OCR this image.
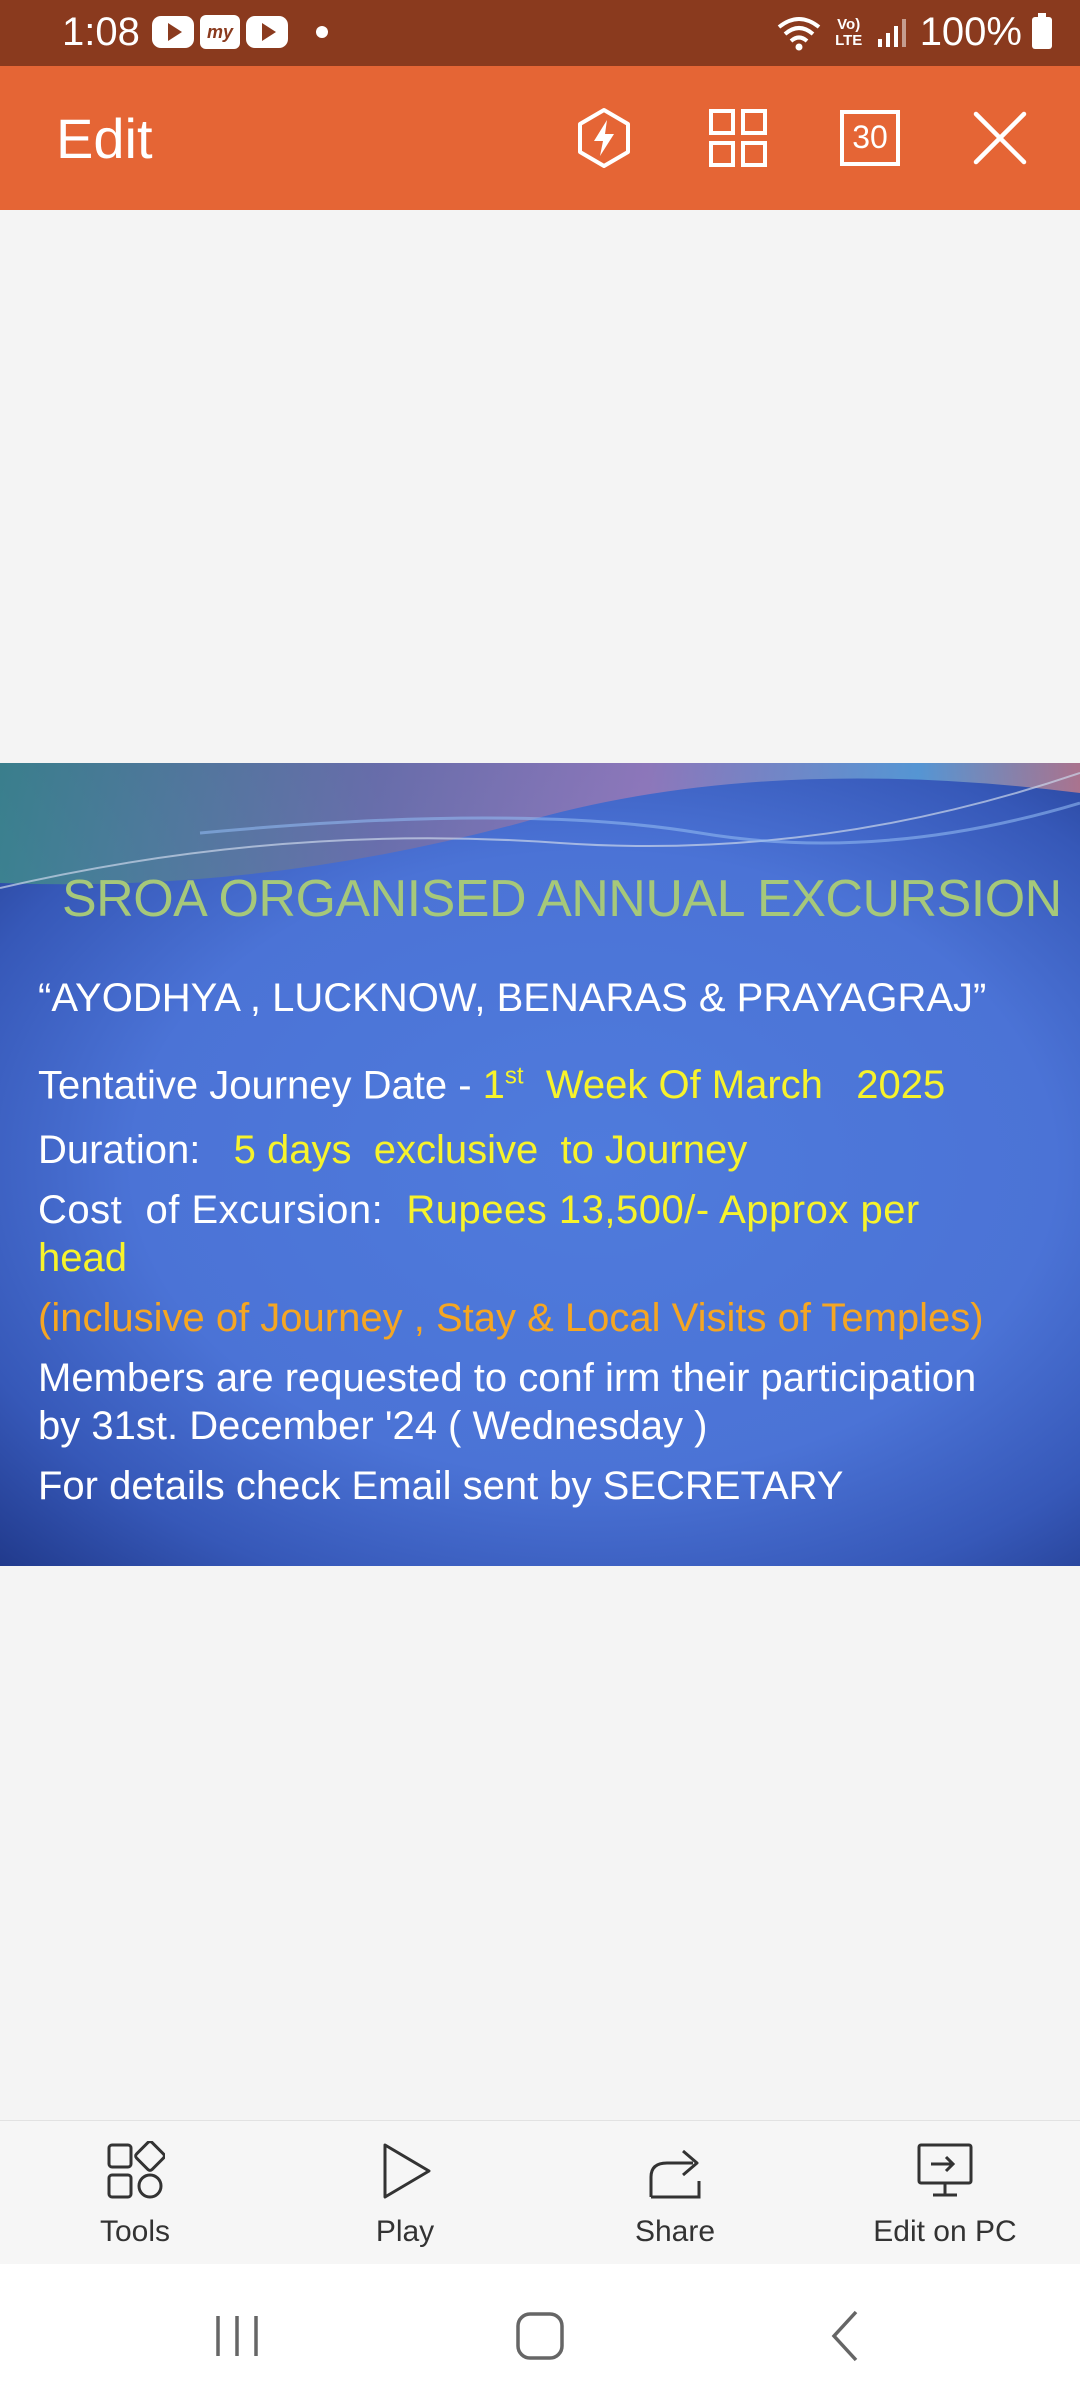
1:08	my	Vo) LTE 100%
Edit	30
SROA ORGANISED ANNUAL EXCURSION
“AYODHYA , LUCKNOW, BENARAS & PRAYAGRAJ”
Tentative Journey Date - 1st  Week Of March   2025
Duration:   5 days  exclusive  to Journey
Cost  of Excursion:  Rupees 13,500/- Approx per
head
(inclusive of Journey , Stay & Local Visits of Temples)
Members are requested to conf irm their participation
by 31st. December '24 ( Wednesday )
For details check Email sent by SECRETARY
Tools	Play	Share	Edit on PC
